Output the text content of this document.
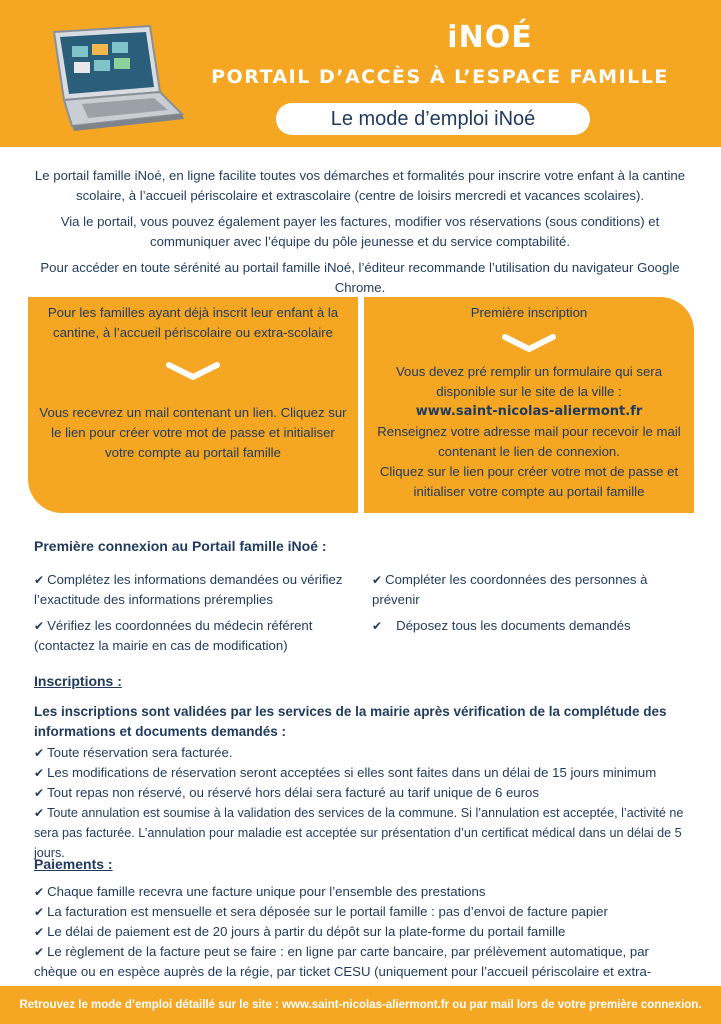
iNOÉ
PORTAIL D’ACCÈS À L’ESPACE FAMILLE
Le mode d’emploi iNoé

Le portail famille iNoé, en ligne facilite toutes vos démarches et formalités pour inscrire votre enfant à la cantine scolaire, à l’accueil périscolaire et extrascolaire (centre de loisirs mercredi et vacances scolaires).

Via le portail, vous pouvez également payer les factures, modifier vos réservations (sous conditions) et communiquer avec l’équipe du pôle jeunesse et du service comptabilité.

Pour accéder en toute sérénité au portail famille iNoé, l’éditeur recommande l’utilisation du navigateur Google Chrome.

Pour les familles ayant déjà inscrit leur enfant à la cantine, à l’accueil périscolaire ou extra-scolaire
Vous recevrez un mail contenant un lien. Cliquez sur le lien pour créer votre mot de passe et initialiser votre compte au portail famille
Première inscription
Vous devez pré remplir un formulaire qui sera disponible sur le site de la ville :
www.saint-nicolas-aliermont.fr
Renseignez votre adresse mail pour recevoir le mail contenant le lien de connexion.
Cliquez sur le lien pour créer votre mot de passe et initialiser votre compte au portail famille
Première connexion au Portail famille iNoé :
✔ Complétez les informations demandées ou vérifiez l’exactitude des informations préremplies
✔ Compléter les coordonnées des personnes à prévenir
✔ Vérifiez les coordonnées du médecin référent (contactez la mairie en cas de modification)
✔ Déposez tous les documents demandés
Inscriptions :
Les inscriptions sont validées par les services de la mairie après vérification de la complétude des informations et documents demandés :
✔ Toute réservation sera facturée.
✔ Les modifications de réservation seront acceptées si elles sont faites dans un délai de 15 jours minimum
✔ Tout repas non réservé, ou réservé hors délai sera facturé au tarif unique de 6 euros
✔ Toute annulation est soumise à la validation des services de la commune. Si l’annulation est acceptée, l’activité ne sera pas facturée. L’annulation pour maladie est acceptée sur présentation d’un certificat médical dans un délai de 5 jours.
Paiements :
✔ Chaque famille recevra une facture unique pour l’ensemble des prestations
✔ La facturation est mensuelle et sera déposée sur le portail famille : pas d’envoi de facture papier
✔ Le délai de paiement est de 20 jours à partir du dépôt sur la plate-forme du portail famille
✔ Le règlement de la facture peut se faire : en ligne par carte bancaire, par prélèvement automatique, par chèque ou en espèce auprès de la régie, par ticket CESU (uniquement pour l’accueil périscolaire et extra-
Retrouvez le mode d’emploi détaillé sur le site : www.saint-nicolas-aliermont.fr ou par mail lors de votre première connexion.
